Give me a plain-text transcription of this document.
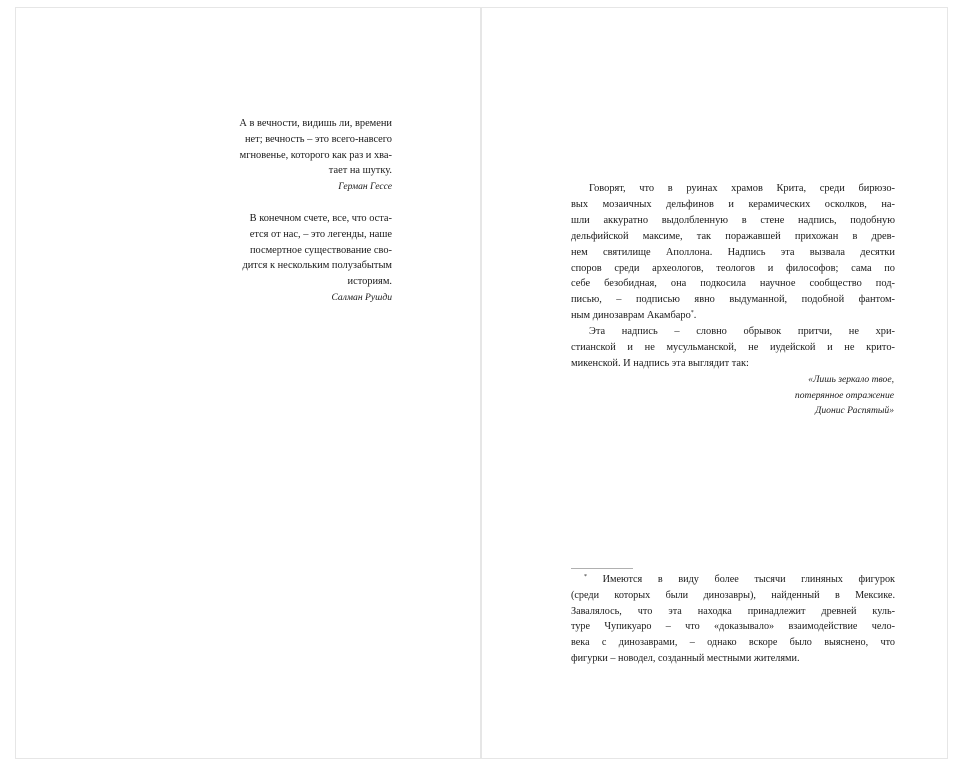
А в вечности, видишь ли, времени
нет; вечность – это всего-навсего
мгновенье, которого как раз и хва-
тает на шутку.
Герман Гессе
В конечном счете, все, что оста-
ется от нас, – это легенды, наше
посмертное существование сво-
дится к нескольким полузабытым
историям.
Салман Рушди
Говорят, что в руинах храмов Крита, среди бирюзо-
вых мозаичных дельфинов и керамических осколков, на-
шли аккуратно выдолбленную в стене надпись, подобную
дельфийской максиме, так поражавшей прихожан в древ-
нем святилище Аполлона. Надпись эта вызвала десятки
споров среди археологов, теологов и философов; сама по
себе безобидная, она подкосила научное сообщество под-
писью, – подписью явно выдуманной, подобной фантом-
ным динозаврам Акамбаро*.
Эта надпись – словно обрывок притчи, не хри-
стианской и не мусульманской, не иудейской и не крито-
микенской. И надпись эта выглядит так:
«Лишь зеркало твое,
потерянное отражение
Дионис Распятый»
* Имеются в виду более тысячи глиняных фигурок
(среди которых были динозавры), найденный в Мексике.
Завалялось, что эта находка принадлежит древней куль-
туре Чупикуаро – что «доказывало» взаимодействие чело-
века с динозаврами, – однако вскоре было выяснено, что
фигурки – новодел, созданный местными жителями.
